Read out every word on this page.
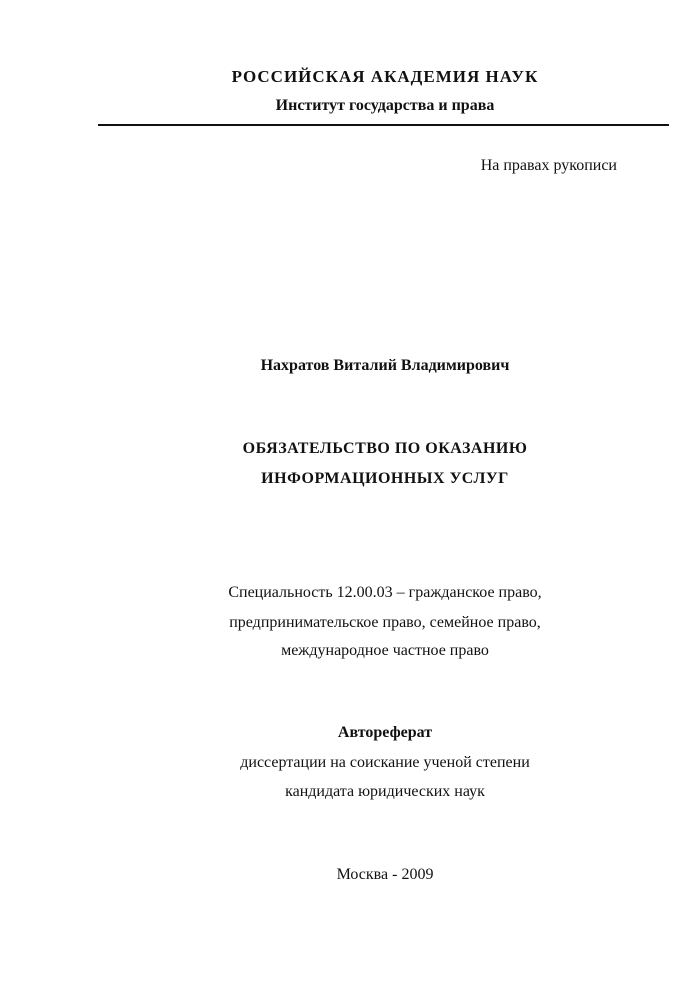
РОССИЙСКАЯ АКАДЕМИЯ НАУК
Институт государства и права
На правах рукописи
Нахратов Виталий Владимирович
ОБЯЗАТЕЛЬСТВО ПО ОКАЗАНИЮ
ИНФОРМАЦИОННЫХ УСЛУГ
Специальность 12.00.03 – гражданское право,
предпринимательское право, семейное право,
международное частное право
Автореферат
диссертации на соискание ученой степени
кандидата юридических наук
Москва - 2009
